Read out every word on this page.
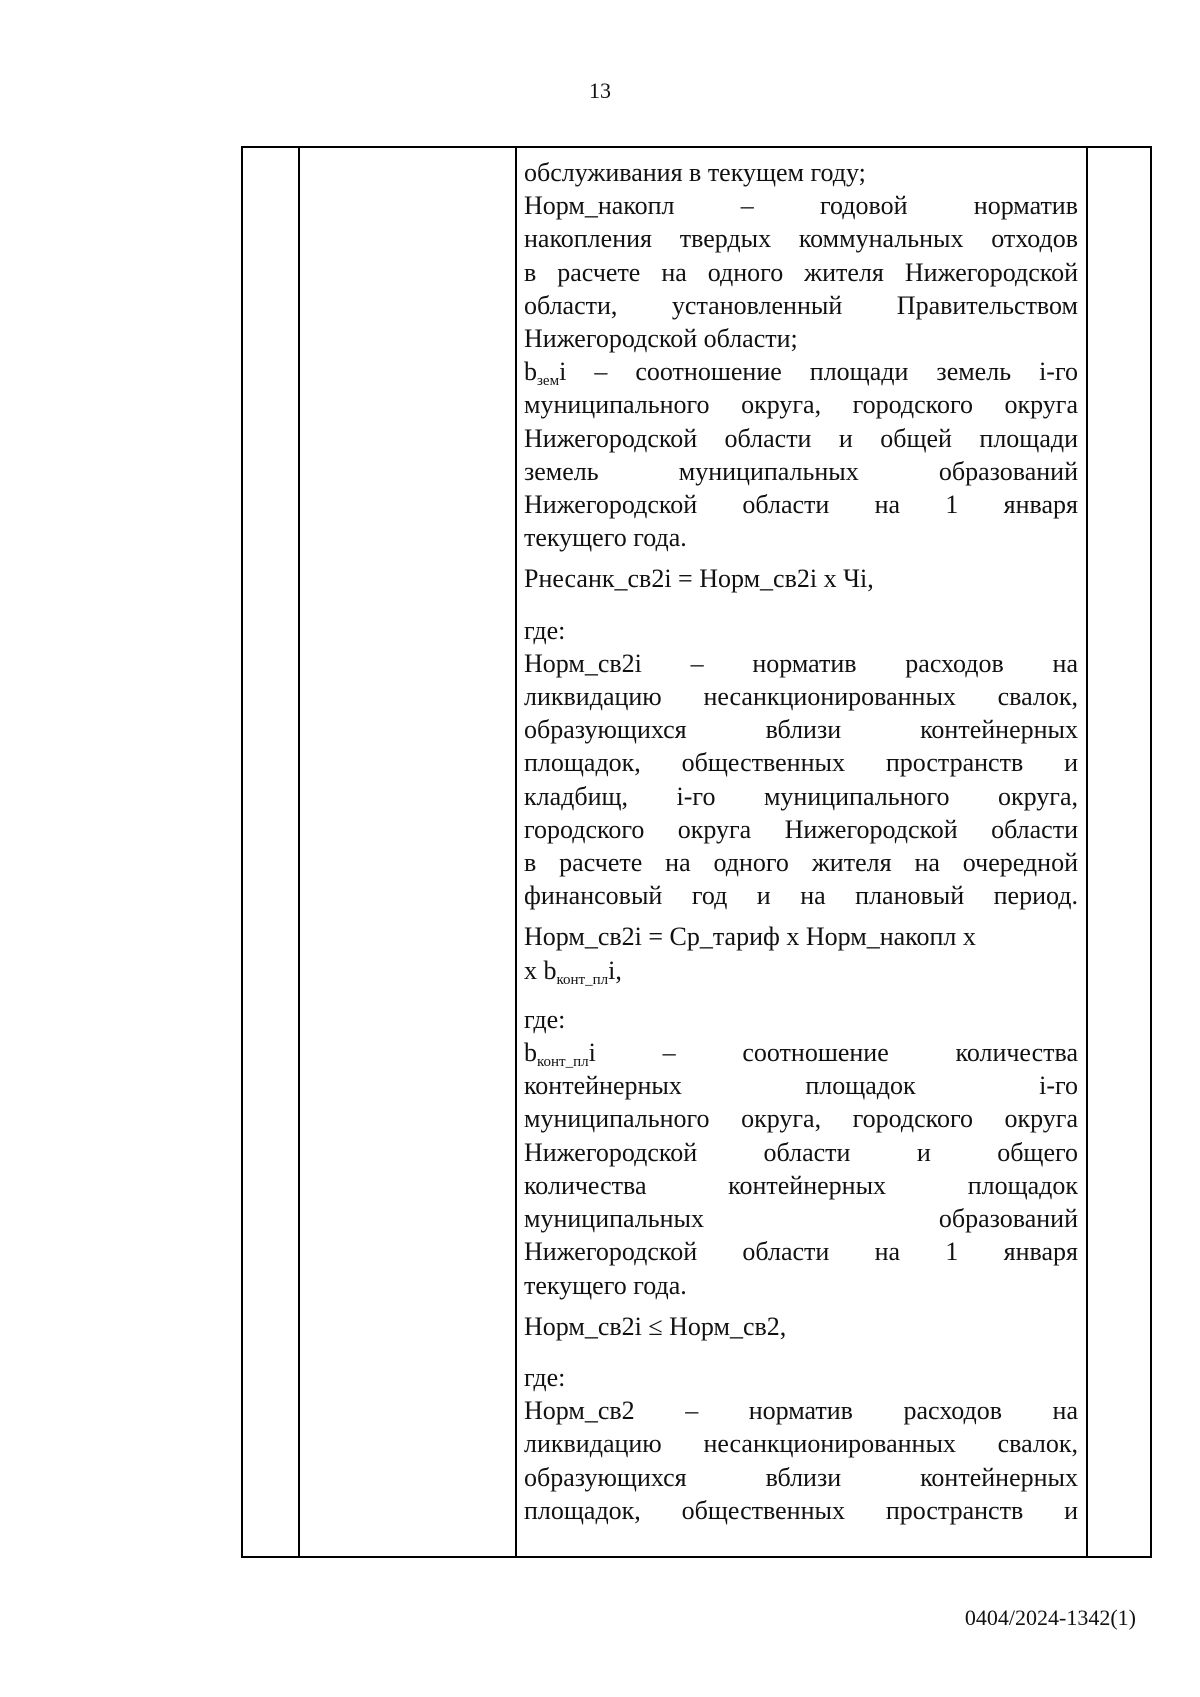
13
обслуживания в текущем году;
Норм_накопл – годовой норматив
накопления твердых коммунальных отходов
в расчете на одного жителя Нижегородской
области, установленный Правительством
Нижегородской области;
$b_{зем}i$ – соотношение площади земель i-го
муниципального округа, городского округа
Нижегородской области и общей площади
земель муниципальных образований
Нижегородской области на 1 января
текущего года.
Рнесанк_св2i = Норм_св2i х Чi,
где:
Норм_св2i – норматив расходов на
ликвидацию несанкционированных свалок,
образующихся вблизи контейнерных
площадок, общественных пространств и
кладбищ, i-го муниципального округа,
городского округа Нижегородской области
в расчете на одного жителя на очередной
финансовый год и на плановый период.
Норм_св2i = Ср_тариф х Норм_накопл х
х $b_{конт\_пл}i$,
где:
$b_{конт\_пл}i$ – соотношение количества
контейнерных площадок i-го
муниципального округа, городского округа
Нижегородской области и общего
количества контейнерных площадок
муниципальных образований
Нижегородской области на 1 января
текущего года.
Норм_св2i ≤ Норм_св2,
где:
Норм_св2 – норматив расходов на
ликвидацию несанкционированных свалок,
образующихся вблизи контейнерных
площадок, общественных пространств и
0404/2024-1342(1)
